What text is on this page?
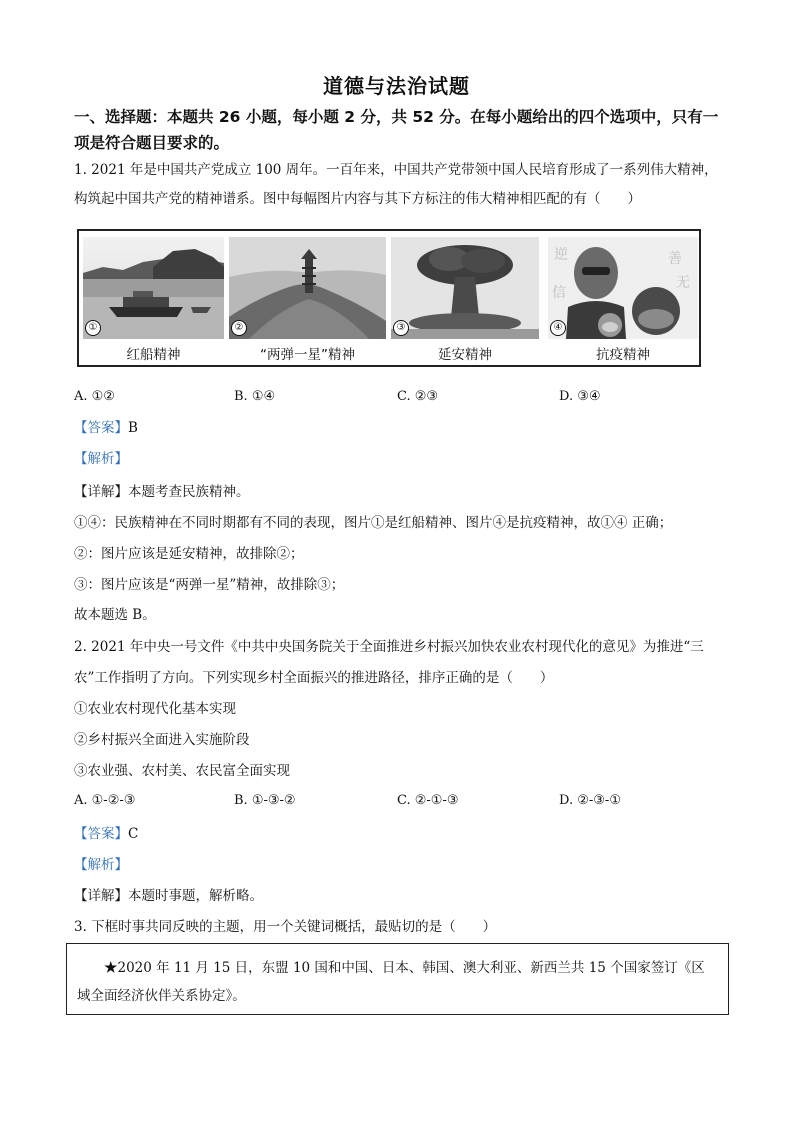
道德与法治试题
一、选择题：本题共 26 小题，每小题 2 分，共 52 分。在每小题给出的四个选项中，只有一项是符合题目要求的。
1. 2021 年是中国共产党成立 100 周年。一百年来，中国共产党带领中国人民培育形成了一系列伟大精神，
构筑起中国共产党的精神谱系。图中每幅图片内容与其下方标注的伟大精神相匹配的有（　　）
①	②	③
逆	善
无
信
④
红船精神	“两弹一星”精神	延安精神	抗疫精神
A. ①②	B. ①④	C. ②③	D. ③④
【答案】B
【解析】
【详解】本题考查民族精神。
①④：民族精神在不同时期都有不同的表现，图片①是红船精神、图片④是抗疫精神，故①④ 正确；
②：图片应该是延安精神，故排除②；
③：图片应该是“两弹一星”精神，故排除③；
故本题选 B。
2. 2021 年中央一号文件《中共中央国务院关于全面推进乡村振兴加快农业农村现代化的意见》为推进“三
农”工作指明了方向。下列实现乡村全面振兴的推进路径，排序正确的是（　　）
①农业农村现代化基本实现
②乡村振兴全面进入实施阶段
③农业强、农村美、农民富全面实现
A. ①-②-③	B. ①-③-②	C. ②-①-③	D. ②-③-①
【答案】C
【解析】
【详解】本题时事题，解析略。
3. 下框时事共同反映的主题，用一个关键词概括，最贴切的是（　　）
★2020 年 11 月 15 日，东盟 10 国和中国、日本、韩国、澳大利亚、新西兰共 15 个国家签订《区域全面经济伙伴关系协定》。
